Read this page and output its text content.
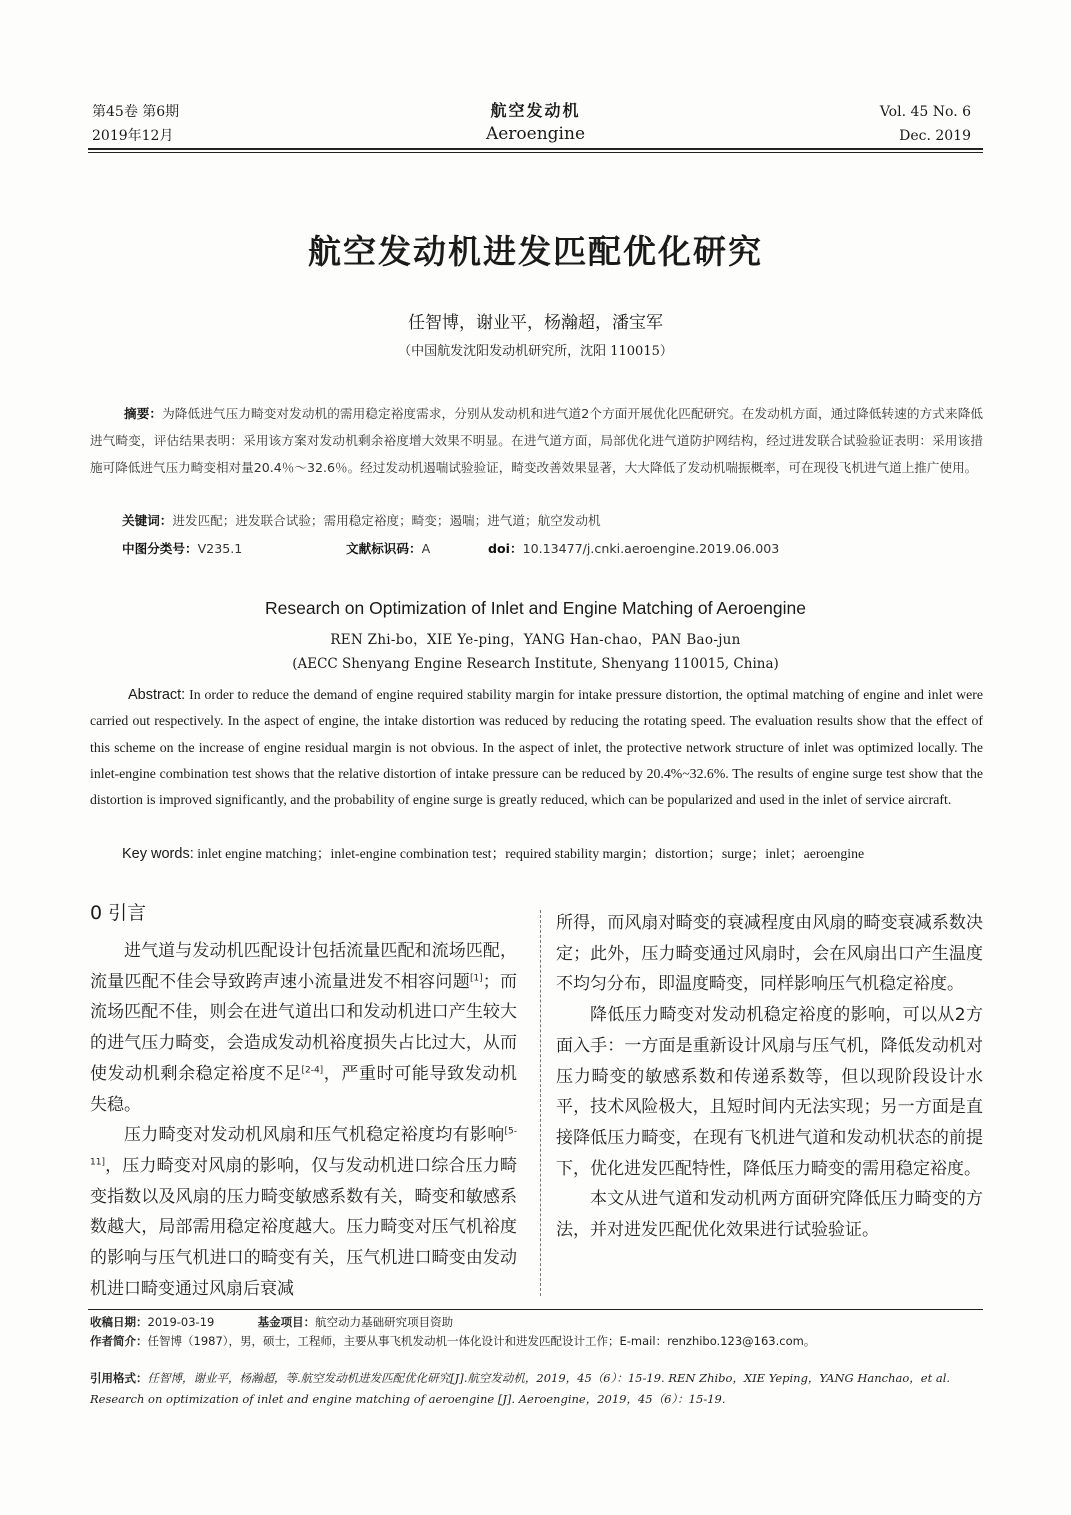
第45卷 第6期
2019年12月
航空发动机
Aeroengine
Vol. 45 No. 6
Dec. 2019
航空发动机进发匹配优化研究
任智博，谢业平，杨瀚超，潘宝军
（中国航发沈阳发动机研究所，沈阳 110015）

摘要：为降低进气压力畸变对发动机的需用稳定裕度需求，分别从发动机和进气道2个方面开展优化匹配研究。在发动机方面，通过降低转速的方式来降低进气畸变，评估结果表明：采用该方案对发动机剩余裕度增大效果不明显。在进气道方面，局部优化进气道防护网结构，经过进发联合试验验证表明：采用该措施可降低进气压力畸变相对量20.4％～32.6％。经过发动机遏喘试验验证，畸变改善效果显著，大大降低了发动机喘振概率，可在现役飞机进气道上推广使用。

关键词：进发匹配；进发联合试验；需用稳定裕度；畸变；遏喘；进气道；航空发动机
中图分类号：V235.1	文献标识码：A	doi：10.13477/j.cnki.aeroengine.2019.06.003
Research on Optimization of Inlet and Engine Matching of Aeroengine
REN Zhi-bo，XIE Ye-ping，YANG Han-chao，PAN Bao-jun
(AECC Shenyang Engine Research Institute, Shenyang 110015, China)

Abstract: In order to reduce the demand of engine required stability margin for intake pressure distortion, the optimal matching of engine and inlet were carried out respectively. In the aspect of engine, the intake distortion was reduced by reducing the rotating speed. The evaluation results show that the effect of this scheme on the increase of engine residual margin is not obvious. In the aspect of inlet, the protective network structure of inlet was optimized locally. The inlet-engine combination test shows that the relative distortion of intake pressure can be reduced by 20.4%~32.6%. The results of engine surge test show that the distortion is improved significantly, and the probability of engine surge is greatly reduced, which can be popularized and used in the inlet of service aircraft.

Key words: inlet engine matching；inlet-engine combination test；required stability margin；distortion；surge；inlet；aeroengine
0 引言

进气道与发动机匹配设计包括流量匹配和流场匹配，流量匹配不佳会导致跨声速小流量进发不相容问题[1]；而流场匹配不佳，则会在进气道出口和发动机进口产生较大的进气压力畸变，会造成发动机裕度损失占比过大，从而使发动机剩余稳定裕度不足[2-4]，严重时可能导致发动机失稳。

压力畸变对发动机风扇和压气机稳定裕度均有影响[5-11]，压力畸变对风扇的影响，仅与发动机进口综合压力畸变指数以及风扇的压力畸变敏感系数有关，畸变和敏感系数越大，局部需用稳定裕度越大。压力畸变对压气机裕度的影响与压气机进口的畸变有关，压气机进口畸变由发动机进口畸变通过风扇后衰减

所得，而风扇对畸变的衰减程度由风扇的畸变衰减系数决定；此外，压力畸变通过风扇时，会在风扇出口产生温度不均匀分布，即温度畸变，同样影响压气机稳定裕度。

降低压力畸变对发动机稳定裕度的影响，可以从2方面入手：一方面是重新设计风扇与压气机，降低发动机对压力畸变的敏感系数和传递系数等，但以现阶段设计水平，技术风险极大，且短时间内无法实现；另一方面是直接降低压力畸变，在现有飞机进气道和发动机状态的前提下，优化进发匹配特性，降低压力畸变的需用稳定裕度。

本文从进气道和发动机两方面研究降低压力畸变的方法，并对进发匹配优化效果进行试验验证。

收稿日期：2019-03-19	基金项目：航空动力基础研究项目资助
作者简介：任智博（1987），男，硕士，工程师，主要从事飞机发动机一体化设计和进发匹配设计工作；E-mail：renzhibo.123@163.com。
引用格式：任智博，谢业平，杨瀚超，等.航空发动机进发匹配优化研究[J].航空发动机，2019，45（6）：15-19. REN Zhibo，XIE Yeping，YANG Hanchao，et al. Research on optimization of inlet and engine matching of aeroengine [J]. Aeroengine，2019，45（6）：15-19.
